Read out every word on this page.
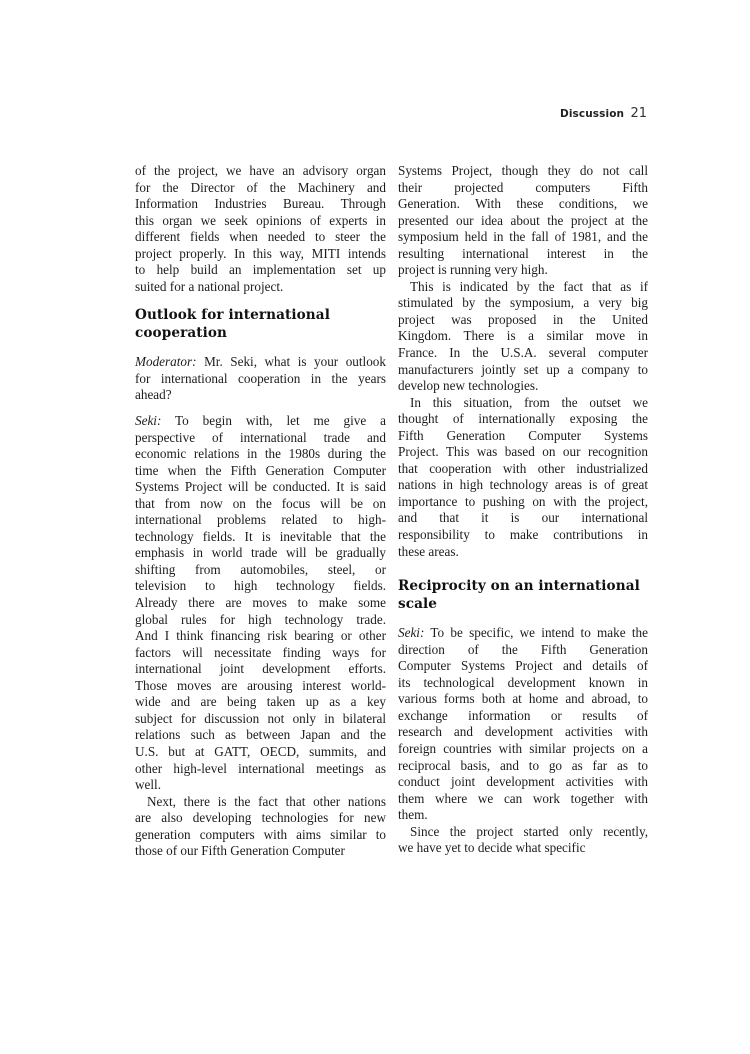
Discussion 21

of the project, we have an advisory organ
for the Director of the Machinery and
Information Industries Bureau. Through
this organ we seek opinions of experts in
different fields when needed to steer the
project properly. In this way, MITI intends
to help build an implementation set up
suited for a national project.

Outlook for international
cooperation

Moderator: Mr. Seki, what is your outlook
for international cooperation in the years
ahead?

Seki: To begin with, let me give a
perspective of international trade and
economic relations in the 1980s during the
time when the Fifth Generation Computer
Systems Project will be conducted. It is said
that from now on the focus will be on
international problems related to high-
technology fields. It is inevitable that the
emphasis in world trade will be gradually
shifting from automobiles, steel, or
television to high technology fields.
Already there are moves to make some
global rules for high technology trade.
And I think financing risk bearing or other
factors will necessitate finding ways for
international joint development efforts.
Those moves are arousing interest world-
wide and are being taken up as a key
subject for discussion not only in bilateral
relations such as between Japan and the
U.S. but at GATT, OECD, summits, and
other high-level international meetings as
well.

Next, there is the fact that other nations
are also developing technologies for new
generation computers with aims similar to
those of our Fifth Generation Computer

Systems Project, though they do not call
their projected computers Fifth
Generation. With these conditions, we
presented our idea about the project at the
symposium held in the fall of 1981, and the
resulting international interest in the
project is running very high.

This is indicated by the fact that as if
stimulated by the symposium, a very big
project was proposed in the United
Kingdom. There is a similar move in
France. In the U.S.A. several computer
manufacturers jointly set up a company to
develop new technologies.

In this situation, from the outset we
thought of internationally exposing the
Fifth Generation Computer Systems
Project. This was based on our recognition
that cooperation with other industrialized
nations in high technology areas is of great
importance to pushing on with the project,
and that it is our international
responsibility to make contributions in
these areas.

Reciprocity on an international
scale

Seki: To be specific, we intend to make the
direction of the Fifth Generation
Computer Systems Project and details of
its technological development known in
various forms both at home and abroad, to
exchange information or results of
research and development activities with
foreign countries with similar projects on a
reciprocal basis, and to go as far as to
conduct joint development activities with
them where we can work together with
them.

Since the project started only recently,
we have yet to decide what specific
